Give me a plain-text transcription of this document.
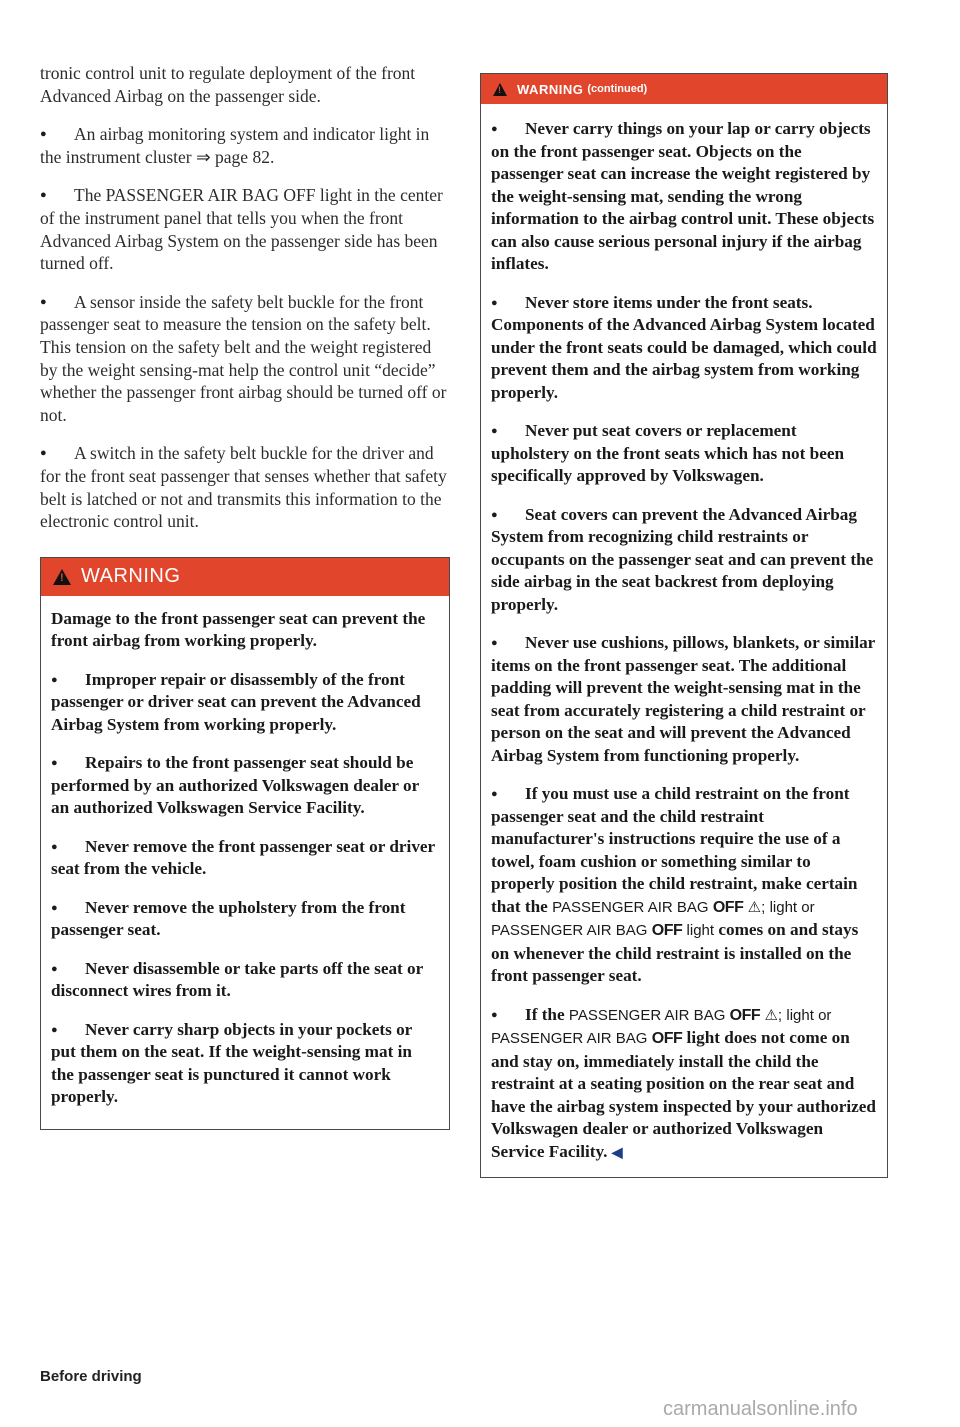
tronic control unit to regulate deployment of the front Advanced Airbag on the passenger side.

● An airbag monitoring system and indicator light in the instrument cluster ⇒ page 82.

● The PASSENGER AIR BAG OFF light in the center of the instrument panel that tells you when the front Advanced Airbag System on the passenger side has been turned off.

● A sensor inside the safety belt buckle for the front passenger seat to measure the tension on the safety belt. This tension on the safety belt and the weight registered by the weight sensing-mat help the control unit “decide” whether the passenger front airbag should be turned off or not.

● A switch in the safety belt buckle for the driver and for the front seat passenger that senses whether that safety belt is latched or not and transmits this information to the electronic control unit.

! WARNING

Damage to the front passenger seat can prevent the front airbag from working properly.

● Improper repair or disassembly of the front passenger or driver seat can prevent the Advanced Airbag System from working properly.

● Repairs to the front passenger seat should be performed by an authorized Volkswagen dealer or an authorized Volkswagen Service Facility.

● Never remove the front passenger seat or driver seat from the vehicle.

● Never remove the upholstery from the front passenger seat.

● Never disassemble or take parts off the seat or disconnect wires from it.

● Never carry sharp objects in your pockets or put them on the seat. If the weight-sensing mat in the passenger seat is punctured it cannot work properly.

! WARNING (continued)

● Never carry things on your lap or carry objects on the front passenger seat. Objects on the passenger seat can increase the weight registered by the weight-sensing mat, sending the wrong information to the airbag control unit. These objects can also cause serious personal injury if the airbag inflates.

● Never store items under the front seats. Components of the Advanced Airbag System located under the front seats could be damaged, which could prevent them and the airbag system from working properly.

● Never put seat covers or replacement upholstery on the front seats which has not been specifically approved by Volkswagen.

● Seat covers can prevent the Advanced Airbag System from recognizing child restraints or occupants on the passenger seat and can prevent the side airbag in the seat backrest from deploying properly.

● Never use cushions, pillows, blankets, or similar items on the front passenger seat. The additional padding will prevent the weight-sensing mat in the seat from accurately registering a child restraint or person on the seat and will prevent the Advanced Airbag System from functioning properly.

● If you must use a child restraint on the front passenger seat and the child restraint manufacturer's instructions require the use of a towel, foam cushion or something similar to properly position the child restraint, make certain that the PASSENGER AIR BAG OFF ⚠; light or PASSENGER AIR BAG OFF light comes on and stays on whenever the child restraint is installed on the front passenger seat.

● If the PASSENGER AIR BAG OFF ⚠; light or PASSENGER AIR BAG OFF light does not come on and stay on, immediately install the child the restraint at a seating position on the rear seat and have the airbag system inspected by your authorized Volkswagen dealer or authorized Volkswagen Service Facility. ◀

Before driving
carmanualsonline.info
